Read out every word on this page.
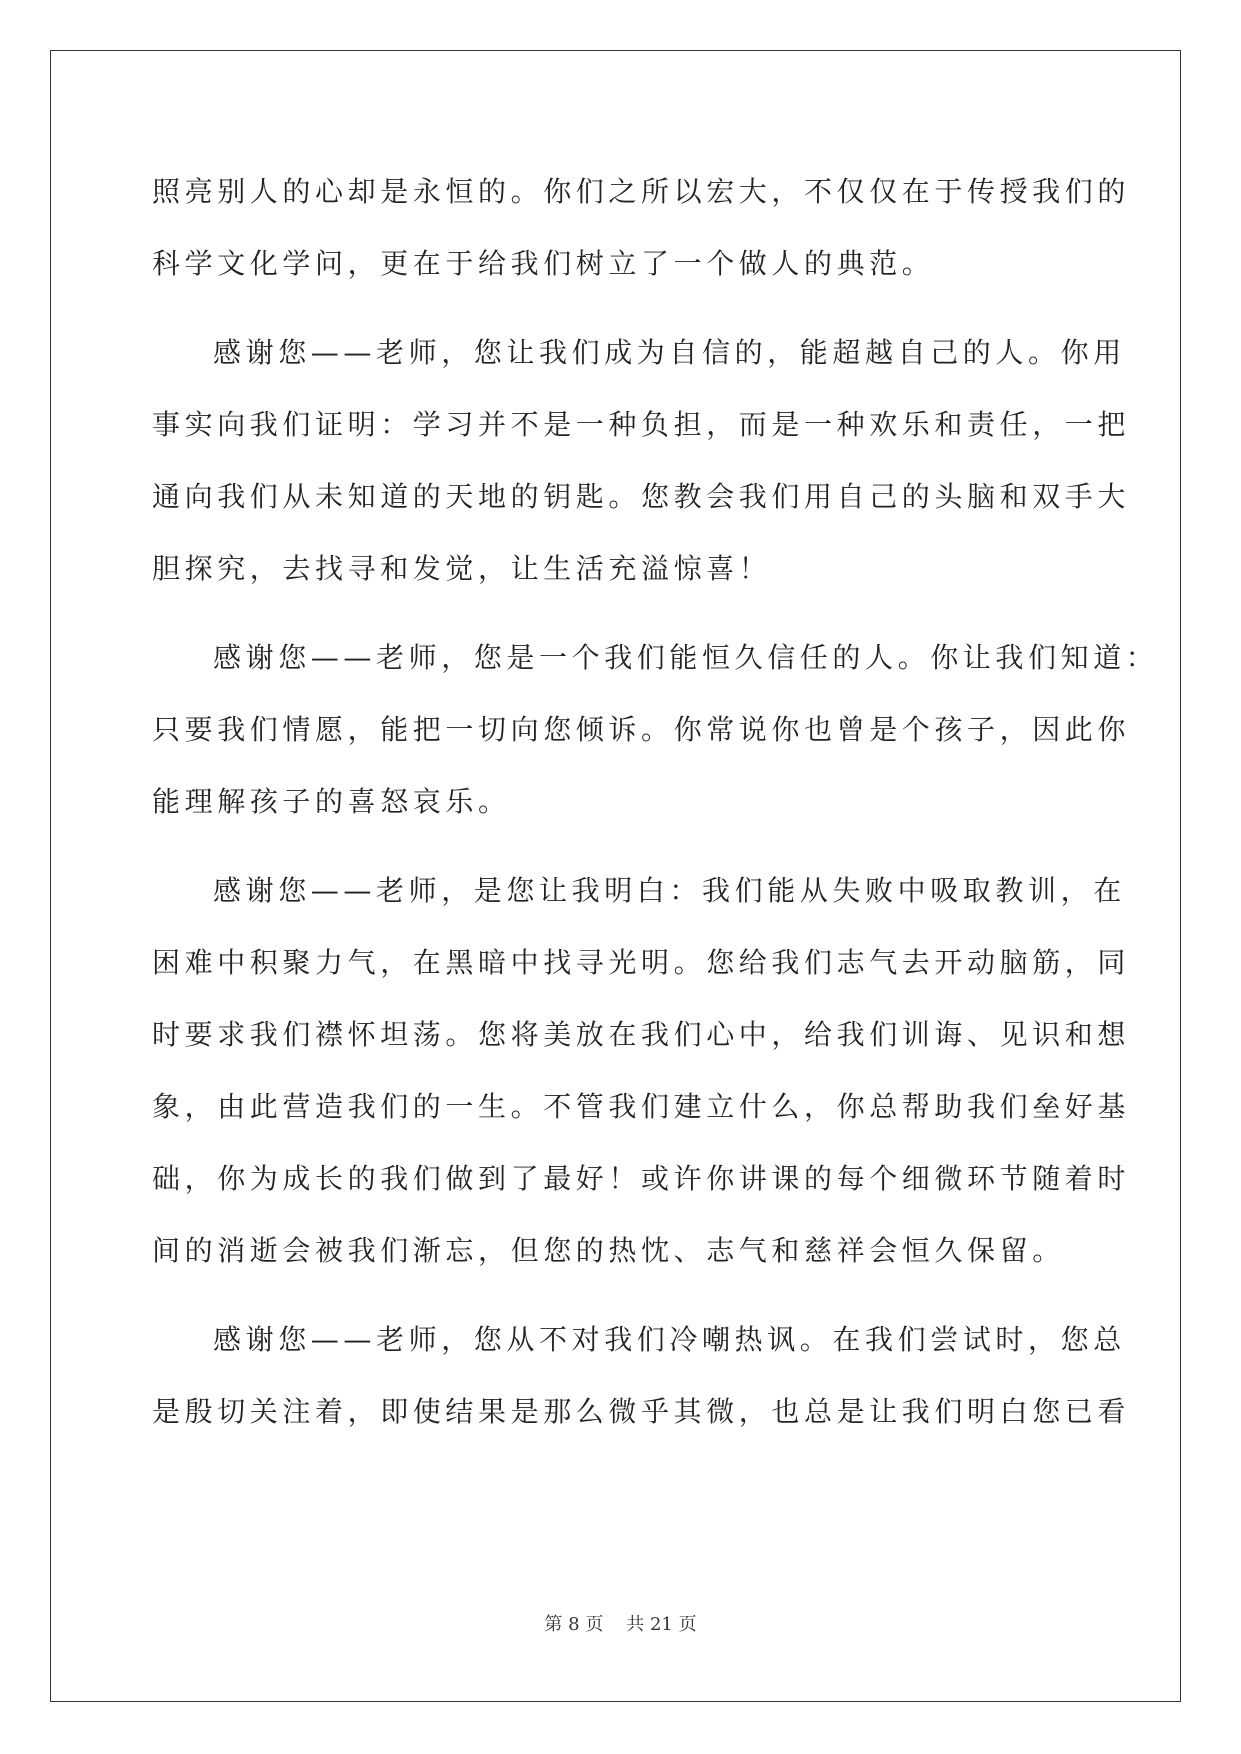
照亮别人的心却是永恒的。你们之所以宏大，不仅仅在于传授我们的
科学文化学问，更在于给我们树立了一个做人的典范。
感谢您——老师，您让我们成为自信的，能超越自己的人。你用
事实向我们证明：学习并不是一种负担，而是一种欢乐和责任，一把
通向我们从未知道的天地的钥匙。您教会我们用自己的头脑和双手大
胆探究，去找寻和发觉，让生活充溢惊喜！
感谢您——老师，您是一个我们能恒久信任的人。你让我们知道：
只要我们情愿，能把一切向您倾诉。你常说你也曾是个孩子，因此你
能理解孩子的喜怒哀乐。
感谢您——老师，是您让我明白：我们能从失败中吸取教训，在
困难中积聚力气，在黑暗中找寻光明。您给我们志气去开动脑筋，同
时要求我们襟怀坦荡。您将美放在我们心中，给我们训诲、见识和想
象，由此营造我们的一生。不管我们建立什么，你总帮助我们垒好基
础，你为成长的我们做到了最好！或许你讲课的每个细微环节随着时
间的消逝会被我们渐忘，但您的热忱、志气和慈祥会恒久保留。
感谢您——老师，您从不对我们冷嘲热讽。在我们尝试时，您总
是殷切关注着，即使结果是那么微乎其微，也总是让我们明白您已看
第 8 页 共 21 页
